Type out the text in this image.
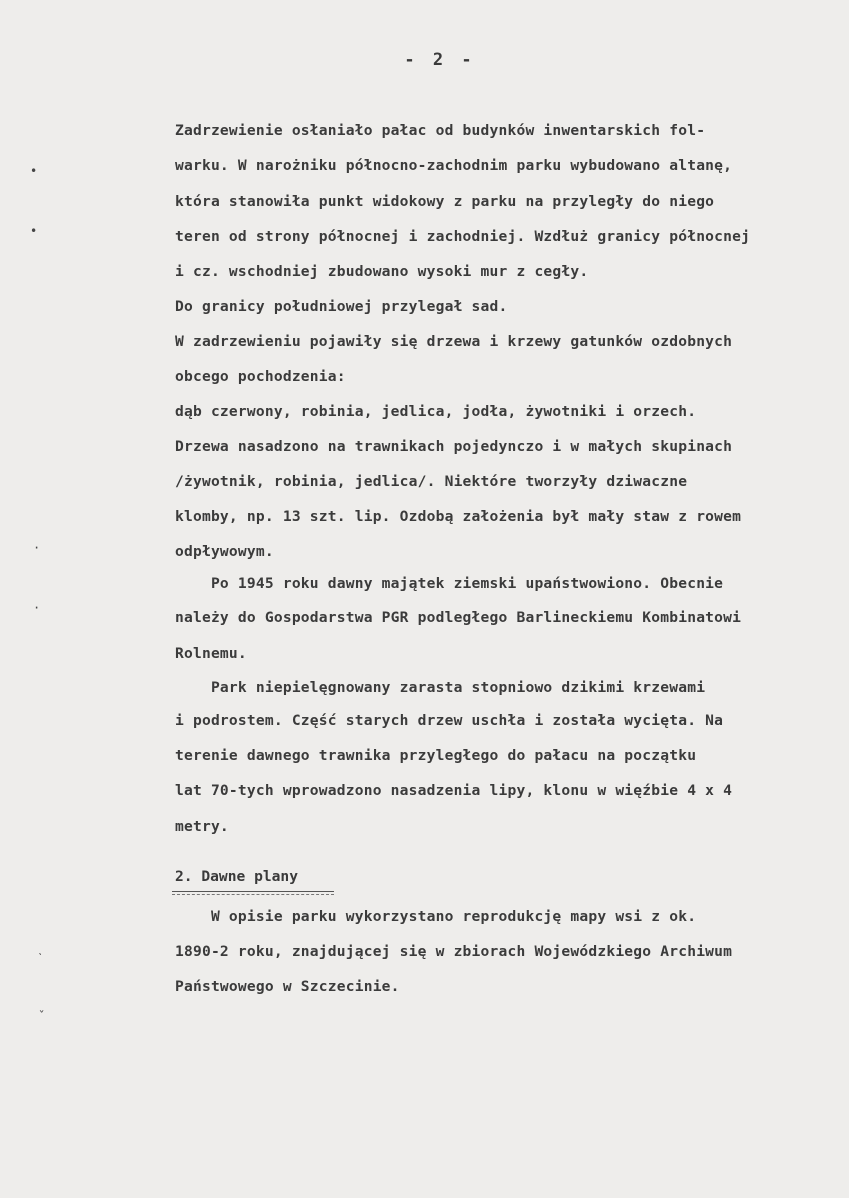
- 2 -
Zadrzewienie osłaniało pałac od budynków inwentarskich fol-
warku. W narożniku północno-zachodnim parku wybudowano altanę,
która stanowiła punkt widokowy z parku na przyległy do niego
teren od strony północnej i zachodniej. Wzdłuż granicy północnej
i cz. wschodniej zbudowano wysoki mur z cegły.
Do granicy południowej przylegał sad.
W zadrzewieniu pojawiły się drzewa i krzewy gatunków ozdobnych
obcego pochodzenia:
dąb czerwony, robinia, jedlica, jodła, żywotniki i orzech.
Drzewa nasadzono na trawnikach pojedynczo i w małych skupinach
/żywotnik, robinia, jedlica/. Niektóre tworzyły dziwaczne
klomby, np. 13 szt. lip. Ozdobą założenia był mały staw z rowem
odpływowym.
Po 1945 roku dawny majątek ziemski upaństwowiono. Obecnie
należy do Gospodarstwa PGR podległego Barlineckiemu Kombinatowi
Rolnemu.
Park niepielęgnowany zarasta stopniowo dzikimi krzewami
i podrostem. Część starych drzew uschła i została wycięta. Na
terenie dawnego trawnika przyległego do pałacu na początku
lat 70-tych wprowadzono nasadzenia lipy, klonu w więźbie 4 x 4
metry.
2. Dawne plany
W opisie parku wykorzystano reprodukcję mapy wsi z ok.
1890-2 roku, znajdującej się w zbiorach Wojewódzkiego Archiwum
Państwowego w Szczecinie.
•
•
·
·
ˋ
ˇ
